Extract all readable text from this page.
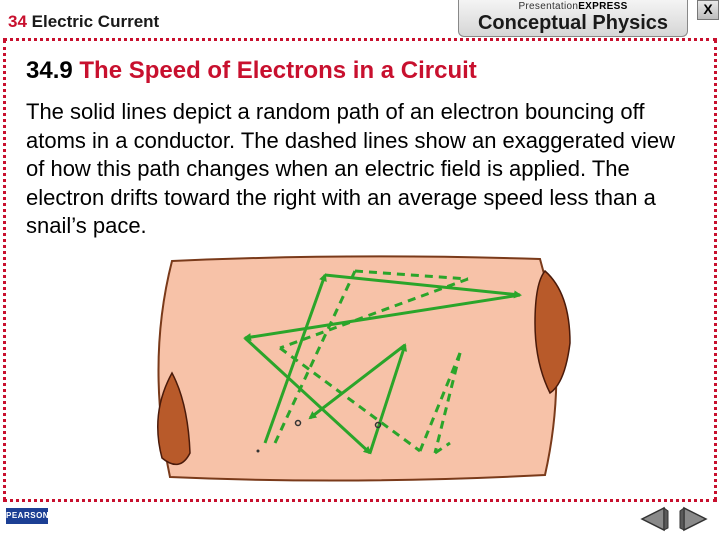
34 Electric Current
PresentationEXPRESS
Conceptual Physics
X
34.9 The Speed of Electrons in a Circuit
The solid lines depict a random path of an electron bouncing off atoms in a conductor. The dashed lines show an exaggerated view of how this path changes when an electric field is applied. The electron drifts toward the right with an average speed less than a snail’s pace.
PEARSON
